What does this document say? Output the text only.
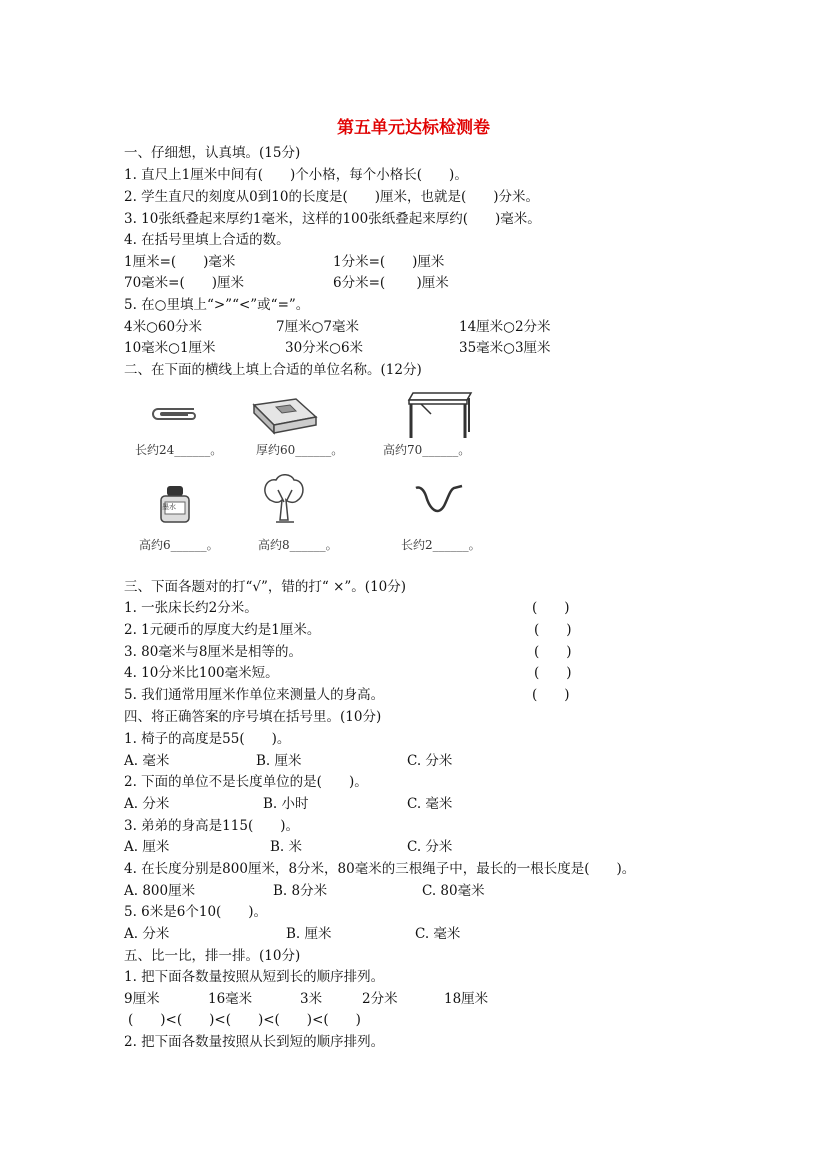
第五单元达标检测卷
一、仔细想，认真填。(15分)
1. 直尺上1厘米中间有(　　)个小格，每个小格长(　　)。
2. 学生直尺的刻度从0到10的长度是(　　)厘米，也就是(　　)分米。
3. 10张纸叠起来厚约1毫米，这样的100张纸叠起来厚约(　　)毫米。
4. 在括号里填上合适的数。
1厘米=(　　)毫米	1分米=(　　)厘米
70毫米=(　　)厘米	6分米=(　　 )厘米
5. 在○里填上“>”“<”或“=”。
4米○60分米	7厘米○7毫米	14厘米○2分米
10毫米○1厘米	30分米○6米	35毫米○3厘米
二、在下面的横线上填上合适的单位名称。(12分)
长约24______。	厚约60______。	高约70______。
墨水
高约6______。	高约8______。	长约2______。
三、下面各题对的打“√”，错的打“ ×”。(10分)
1. 一张床长约2分米。	(　　)
2. 1元硬币的厚度大约是1厘米。	(　　)
3. 80毫米与8厘米是相等的。	(　　)
4. 10分米比100毫米短。	(　　)
5. 我们通常用厘米作单位来测量人的身高。	(　　)
四、将正确答案的序号填在括号里。(10分)
1. 椅子的高度是55(　　)。
A. 毫米	B. 厘米	C. 分米
2. 下面的单位不是长度单位的是(　　)。
A. 分米	B. 小时	C. 毫米
3. 弟弟的身高是115(　　)。
A. 厘米	B. 米	C. 分米
4. 在长度分别是800厘米，8分米，80毫米的三根绳子中，最长的一根长度是(　　)。
A. 800厘米	B. 8分米	C. 80毫米
5. 6米是6个10(　　)。
A. 分米	B. 厘米	C. 毫米
五、比一比，排一排。(10分)
1. 把下面各数量按照从短到长的顺序排列。
9厘米	16毫米	3米	2分米	18厘米
(　　)<(　　)<(　　)<(　　)<(　　)
2. 把下面各数量按照从长到短的顺序排列。
